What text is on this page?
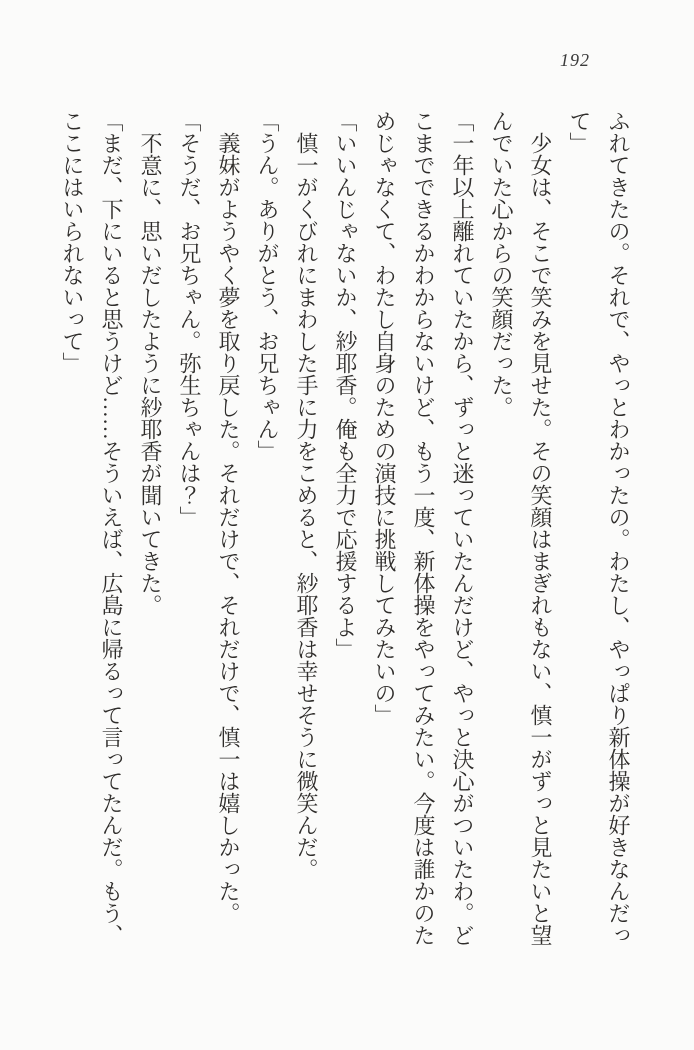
192
ふれてきたの。それで、やっとわかったの。わたし、やっぱり新体操が好きなんだっ
て」
少女は、そこで笑みを見せた。その笑顔はまぎれもない、慎一がずっと見たいと望
んでいた心からの笑顔だった。
「一年以上離れていたから、ずっと迷っていたんだけど、やっと決心がついたわ。ど
こまでできるかわからないけど、もう一度、新体操をやってみたい。今度は誰かのた
めじゃなくて、わたし自身のための演技に挑戦してみたいの」
「いいんじゃないか、紗耶香。俺も全力で応援するよ」
慎一がくびれにまわした手に力をこめると、紗耶香は幸せそうに微笑んだ。
「うん。ありがとう、お兄ちゃん」
義妹がようやく夢を取り戻した。それだけで、それだけで、慎一は嬉しかった。
「そうだ、お兄ちゃん。弥生ちゃんは？」
不意に、思いだしたように紗耶香が聞いてきた。
「まだ、下にいると思うけど……そういえば、広島に帰るって言ってたんだ。もう、
ここにはいられないって」
